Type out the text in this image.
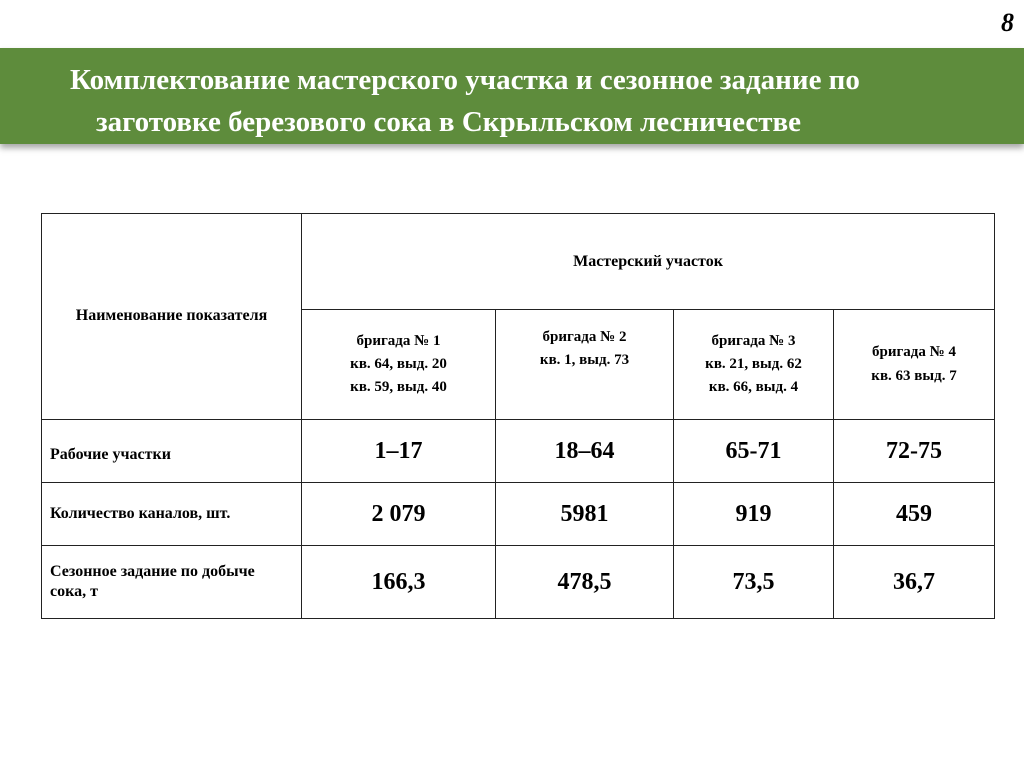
8
Комплектование мастерского участка и сезонное задание по
заготовке березового сока в Скрыльском лесничестве
Наименование показателя	Мастерский участок			

	бригада № 1
кв. 64, выд. 20
кв. 59, выд. 40	бригада № 2
кв. 1, выд. 73	бригада № 3
кв. 21, выд. 62
кв. 66, выд. 4	бригада № 4
кв. 63 выд. 7

Рабочие участки	1–17	18–64	65-71	72-75
Количество каналов, шт.	2 079	5981	919	459
Сезонное задание по добыче сока, т	166,3	478,5	73,5	36,7
